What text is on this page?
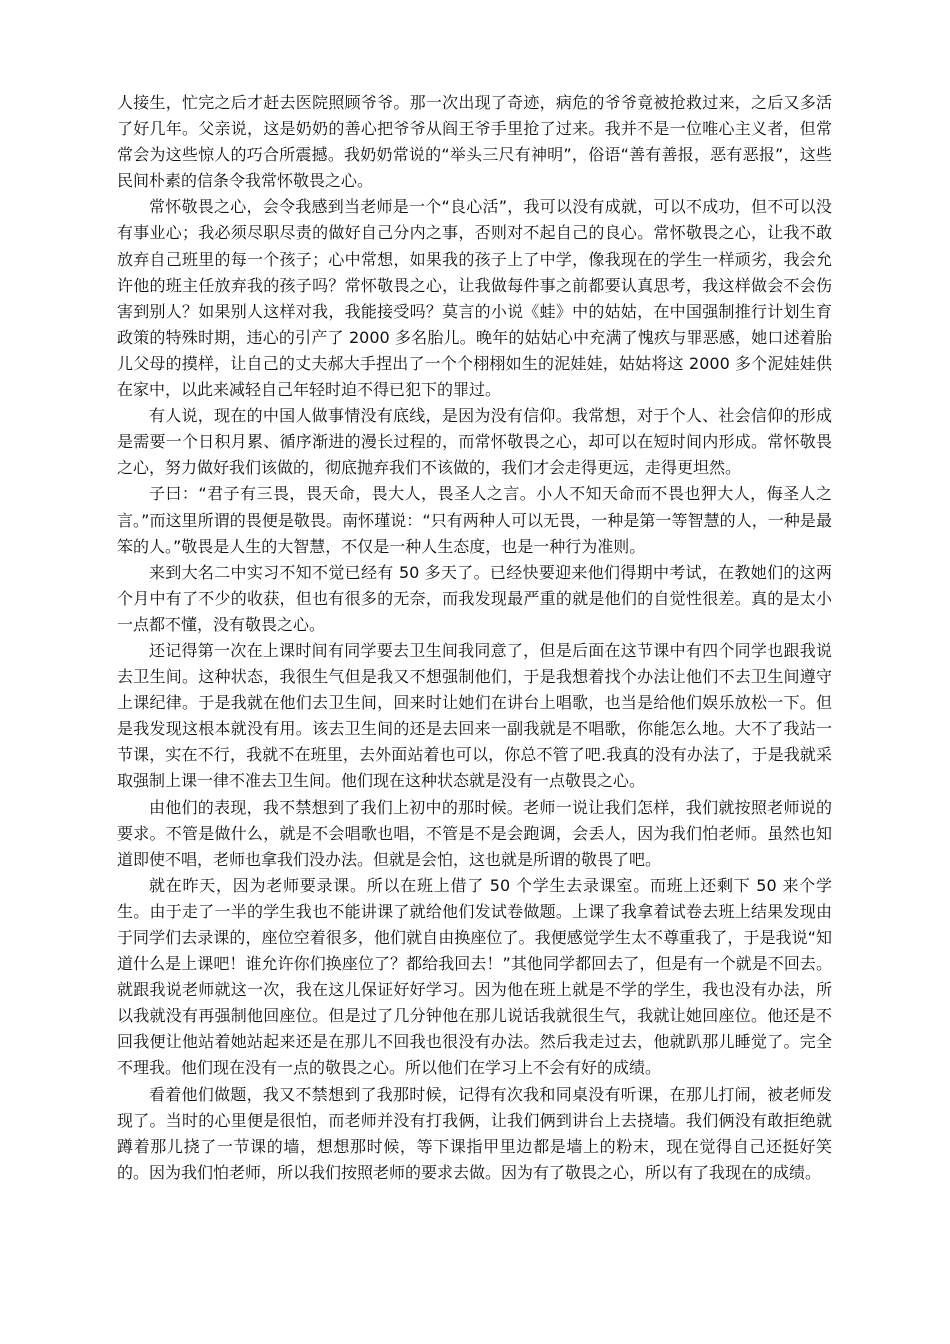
人接生，忙完之后才赶去医院照顾爷爷。那一次出现了奇迹，病危的爷爷竟被抢救过来，之后又多活了好几年。父亲说，这是奶奶的善心把爷爷从阎王爷手里抢了过来。我并不是一位唯心主义者，但常常会为这些惊人的巧合所震撼。我奶奶常说的“举头三尺有神明”，俗语“善有善报，恶有恶报”，这些民间朴素的信条令我常怀敬畏之心。

常怀敬畏之心，会令我感到当老师是一个“良心活”，我可以没有成就，可以不成功，但不可以没有事业心；我必须尽职尽责的做好自己分内之事，否则对不起自己的良心。常怀敬畏之心，让我不敢放弃自己班里的每一个孩子；心中常想，如果我的孩子上了中学，像我现在的学生一样顽劣，我会允许他的班主任放弃我的孩子吗？常怀敬畏之心，让我做每件事之前都要认真思考，我这样做会不会伤害到别人？如果别人这样对我，我能接受吗？莫言的小说《蛙》中的姑姑，在中国强制推行计划生育政策的特殊时期，违心的引产了 2000 多名胎儿。晚年的姑姑心中充满了愧疚与罪恶感，她口述着胎儿父母的摸样，让自己的丈夫郝大手捏出了一个个栩栩如生的泥娃娃，姑姑将这 2000 多个泥娃娃供在家中，以此来减轻自己年轻时迫不得已犯下的罪过。

有人说，现在的中国人做事情没有底线，是因为没有信仰。我常想，对于个人、社会信仰的形成是需要一个日积月累、循序渐进的漫长过程的，而常怀敬畏之心，却可以在短时间内形成。常怀敬畏之心，努力做好我们该做的，彻底抛弃我们不该做的，我们才会走得更远，走得更坦然。

子曰：“君子有三畏，畏天命，畏大人，畏圣人之言。小人不知天命而不畏也狎大人，侮圣人之言。”而这里所谓的畏便是敬畏。南怀瑾说：“只有两种人可以无畏，一种是第一等智慧的人，一种是最笨的人。”敬畏是人生的大智慧，不仅是一种人生态度，也是一种行为准则。

来到大名二中实习不知不觉已经有 50 多天了。已经快要迎来他们得期中考试，在教她们的这两个月中有了不少的收获，但也有很多的无奈，而我发现最严重的就是他们的自觉性很差。真的是太小一点都不懂，没有敬畏之心。

还记得第一次在上课时间有同学要去卫生间我同意了，但是后面在这节课中有四个同学也跟我说去卫生间。这种状态，我很生气但是我又不想强制他们，于是我想着找个办法让他们不去卫生间遵守上课纪律。于是我就在他们去卫生间，回来时让她们在讲台上唱歌，也当是给他们娱乐放松一下。但是我发现这根本就没有用。该去卫生间的还是去回来一副我就是不唱歌，你能怎么地。大不了我站一节课，实在不行，我就不在班里，去外面站着也可以，你总不管了吧.我真的没有办法了，于是我就采取强制上课一律不准去卫生间。他们现在这种状态就是没有一点敬畏之心。

由他们的表现，我不禁想到了我们上初中的那时候。老师一说让我们怎样，我们就按照老师说的要求。不管是做什么，就是不会唱歌也唱，不管是不是会跑调，会丢人，因为我们怕老师。虽然也知道即使不唱，老师也拿我们没办法。但就是会怕，这也就是所谓的敬畏了吧。

就在昨天，因为老师要录课。所以在班上借了 50 个学生去录课室。而班上还剩下 50 来个学生。由于走了一半的学生我也不能讲课了就给他们发试卷做题。上课了我拿着试卷去班上结果发现由于同学们去录课的，座位空着很多，他们就自由换座位了。我便感觉学生太不尊重我了，于是我说“知道什么是上课吧！谁允许你们换座位了？都给我回去！”其他同学都回去了，但是有一个就是不回去。就跟我说老师就这一次，我在这儿保证好好学习。因为他在班上就是不学的学生，我也没有办法，所以我就没有再强制他回座位。但是过了几分钟他在那儿说话我就很生气，我就让她回座位。他还是不回我便让他站着她站起来还是在那儿不回我也很没有办法。然后我走过去，他就趴那儿睡觉了。完全不理我。他们现在没有一点的敬畏之心。所以他们在学习上不会有好的成绩。

看着他们做题，我又不禁想到了我那时候，记得有次我和同桌没有听课，在那儿打闹，被老师发现了。当时的心里便是很怕，而老师并没有打我俩，让我们俩到讲台上去挠墙。我们俩没有敢拒绝就蹲着那儿挠了一节课的墙，想想那时候，等下课指甲里边都是墙上的粉末，现在觉得自己还挺好笑的。因为我们怕老师，所以我们按照老师的要求去做。因为有了敬畏之心，所以有了我现在的成绩。
